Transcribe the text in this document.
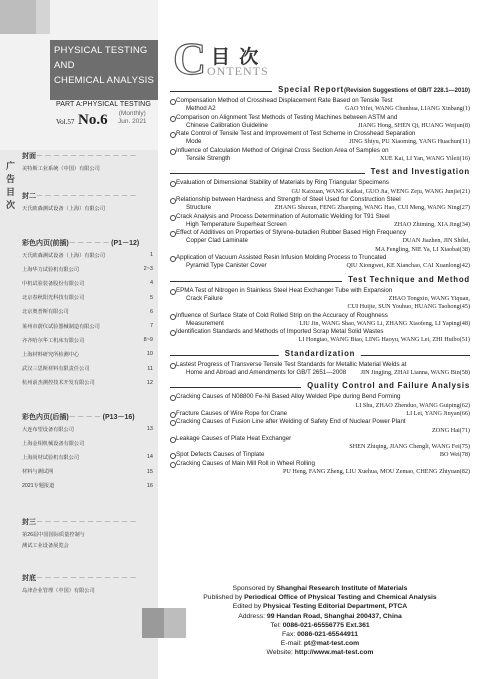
PHYSICAL TESTING
AND
CHEMICAL ANALYSIS
PART A:PHYSICAL TESTING
Vol.57 No.6 (Monthly)
Jun. 2021
广告目次
封面－－－－－－－－－－－－
美特斯工业系统（中国）有限公司
封二－－－－－－－－－－－－
天氏欧森测试设备（上海）有限公司
彩色内页(前插)－－－－－(P1－12)
天氏欧森测试设备（上海）有限公司	1
上海华力试验机有限公司	2~3
中机试验装备股份有限公司	4
北京春秋阳光科技有限公司	5
北京奥普斯有限公司	6
莱州市蔚仪试验器械制造有限公司	7
齐齐哈尔华工机床有限公司	8~9
上海材料研究所检测中心	10
武汉三思斯材料有限责任公司	11
杭州前杰测控技术开发有限公司	12
彩色内页(后插)－－－－(P13－16)
大连布望设备有限公司	13
上海金相机械设备有限公司
上海尚材试验机有限公司	14
材料与测试网	15
2021专题报道	16
封三－－－－－－－－－－－－
第26届中国国际质量控制与
测试工业设备展览会
封底－－－－－－－－－－－－
岛津企业管理（中国）有限公司
C 目 次
ONTENTS
Special Report(Revision Suggestions of GB/T 228.1—2010)
Compensation Method of Crosshead Displacement Rate Based on Tensile Test
Method A2	GAO Yifei, WANG Chunhua, LIANG Xinbang(1)
Comparison on Alignment Test Methods of Testing Machines between ASTM and
Chinese Calibration Guideline	JIANG Hong, SHEN Qi, HUANG Weijun(8)
Rate Control of Tensile Test and Improvement of Test Scheme in Crosshead Separation
Mode	JING Shiyu, PU Xiaoming, YANG Huachun(11)
Influence of Calculation Method of Original Cross Section Area of Samples on
Tensile Strength	XUE Kai, LI Yan, WANG Yileii(16)
Test and Investigation
Evaluation of Dimensional Stability of Materials by Ring Triangular Specimens
GU Kaixuan, WANG Kaikai, GUO Jia, WENG Zeju, WANG Junjie(21)
Relationship between Hardness and Strength of Steel Used for Construction Steel
Structure	ZHANG Shuxun, FENG Zhaoping, WANG Hao, CUI Meng, WANG Ning(27)
Crack Analysis and Process Determination of Automatic Welding for T91 Steel
High Temperature Superheat Screen	ZHAO Zhiming, XIA Jing(34)
Effect of Additives on Properties of Styrene-butadien Rubber Based High Frequency
Copper Clad Laminate	DUAN Jiazhen, JIN Shilei,
MA Fengling, NIE Ya, LI Xiaobai(38)
Application of Vacuum Assisted Resin Infusion Molding Process to Truncated
Pyramid Type Canister Cover	QIU Xiongwei, KE Xianchao, CAI Xuanlong(42)
Test Technique and Method
EPMA Test of Nitrogen in Stainless Steel Heat Exchanger Tube with Expansion
Crack Failure	ZHAO Tongxin, WANG Yiquan,
CUI Huijie, SUN Youhuo, HUANG Taohong(45)
Influence of Surface State of Cold Rolled Strip on the Accuracy of Roughness
Measurement	LIU Jin, WANG Shao, WANG Li, ZHANG Xiaofeng, LI Yaping(48)
Identification Standards and Methods of Imported Scrap Metal Solid Wastes
LI Hongtao, WANG Biao, LING Haoyu, WANG Lei, ZHI Huibo(51)
Standardization
Lastest Progress of Transverse Tensile Test Standards for Metallic Material Welds at
Home and Abroad and Amendments for GB/T 2651—2008 JIN Jingjing, ZHAI Lianna, WANG Bin(58)
Quality Control and Failure Analysis
Cracking Causes of N08800 Fe-Ni Based Alloy Welded Pipe during Bend Forming
LI Shu, ZHAO Zhenduo, WANG Guiping(62)
Fracture Causes of Wire Rope for Crane	LI Lei, YANG Jinyan(66)
Cracking Causes of Fusion Line after Welding of Safety End of Nuclear Power Plant
ZONG Hai(71)
Leakage Causes of Plate Heat Exchanger
SHEN Zhiqing, JIANG Chengli, WANG Fei(75)
Spot Defects Causes of Tinplate	BO Wei(78)
Cracking Causes of Main Mill Roll in Wheel Rolling
PU Heng, FANG Zheng, LIU Xuehua, MOU Zemao, CHENG Zhiyuan(82)
Sponsored by Shanghai Research Institute of Materials
Published by Periodical Office of Physical Testing and Chemical Analysis
Edited by Physical Testing Editorial Department, PTCA
Address: 99 Handan Road, Shanghai 200437, China
Tel: 0086-021-65556775 Ext.361
Fax: 0086-021-65544911
E-mail: pt@mat-test.com
Website: http://www.mat-test.com
